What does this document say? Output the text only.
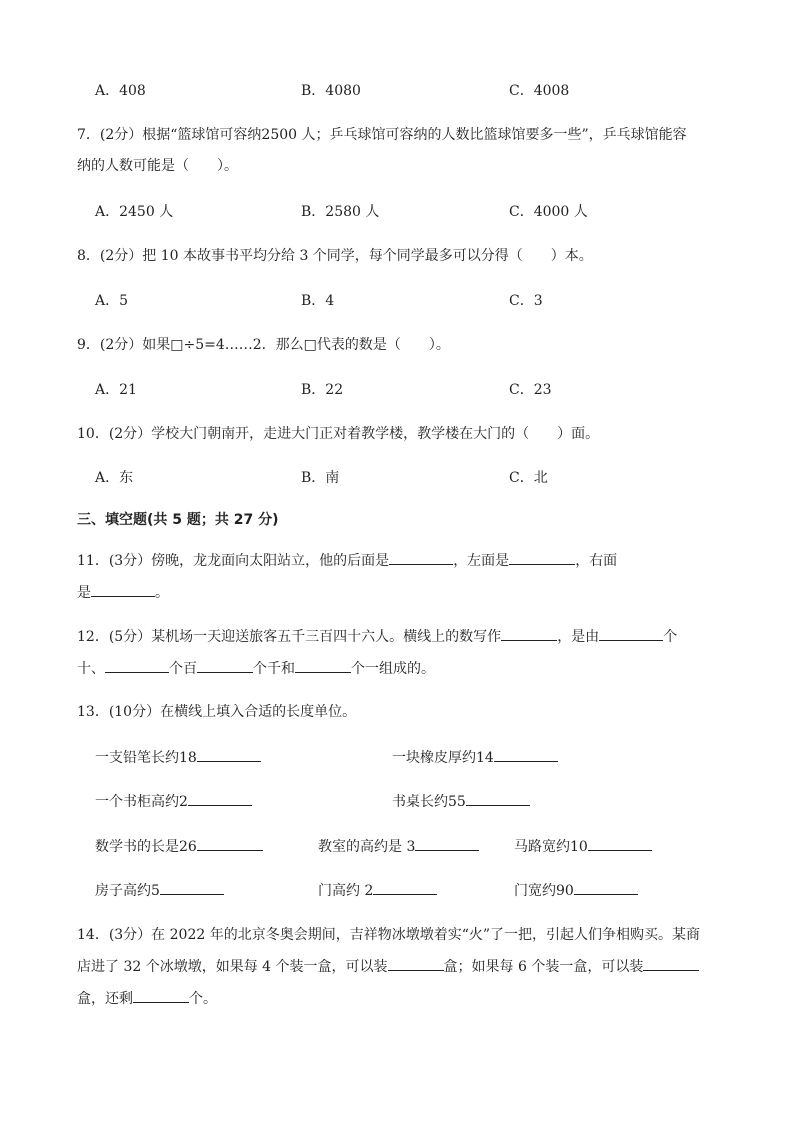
A．408	B．4080	C．4008
7．(2分）根据“篮球馆可容纳2500 人；乒乓球馆可容纳的人数比篮球馆要多一些”，乒乓球馆能容
纳的人数可能是（　　）。
A．2450 人	B．2580 人	C．4000 人
8．(2分）把 10 本故事书平均分给 3 个同学，每个同学最多可以分得（　　）本。
A．5	B．4	C．3
9．(2分）如果□÷5=4……2．那么□代表的数是（　　）。
A．21	B．22	C．23
10．(2分）学校大门朝南开，走进大门正对着教学楼，教学楼在大门的（　　）面。
A．东	B．南	C．北
三、填空题(共 5 题；共 27 分)
11．(3分）傍晚，龙龙面向太阳站立，他的后面是	，左面是	，右面
是	。
12．(5分）某机场一天迎送旅客五千三百四十六人。横线上的数写作	，是由	个
十、	个百	个千和	个一组成的。
13．(10分）在横线上填入合适的长度单位。
一支铅笔长约18	一块橡皮厚约14
一个书柜高约2	书桌长约55
数学书的长是26	教室的高约是 3	马路宽约10
房子高约5	门高约 2	门宽约90
14．(3分）在 2022 年的北京冬奥会期间，吉祥物冰墩墩着实“火”了一把，引起人们争相购买。某商
店进了 32 个冰墩墩，如果每 4 个装一盒，可以装	盒；如果每 6 个装一盒，可以装
盒，还剩	个。
